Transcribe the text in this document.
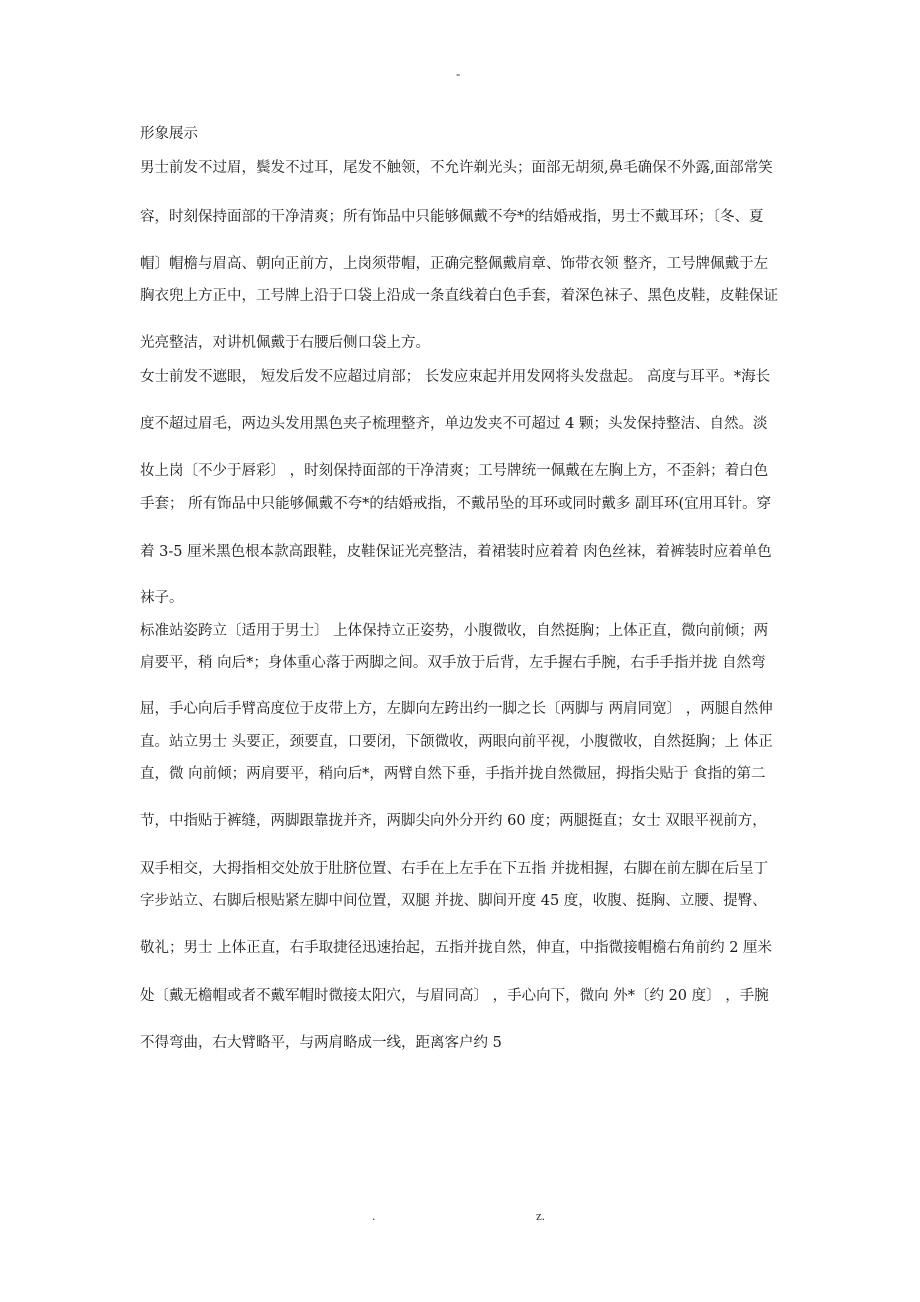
-
形象展示
男士前发不过眉，鬓发不过耳，尾发不触领，不允许剃光头；面部无胡须,鼻毛确保不外露,面部常笑
容，时刻保持面部的干净清爽；所有饰品中只能够佩戴不夸*的结婚戒指，男士不戴耳环；〔冬、夏
帽〕帽檐与眉高、朝向正前方，上岗须带帽，正确完整佩戴肩章、饰带衣领 整齐，工号牌佩戴于左
胸衣兜上方正中，工号牌上沿于口袋上沿成一条直线着白色手套，着深色袜子、黑色皮鞋，皮鞋保证
光亮整洁，对讲机佩戴于右腰后侧口袋上方。
女士前发不遮眼， 短发后发不应超过肩部； 长发应束起并用发网将头发盘起。 高度与耳平。*海长
度不超过眉毛，两边头发用黑色夹子梳理整齐，单边发夹不可超过 4 颗；头发保持整洁、自然。淡
妆上岗〔不少于唇彩〕 ，时刻保持面部的干净清爽；工号牌统一佩戴在左胸上方，不歪斜；着白色
手套； 所有饰品中只能够佩戴不夸*的结婚戒指，不戴吊坠的耳环或同时戴多 副耳环(宜用耳针。穿
着 3-5 厘米黑色根本款高跟鞋，皮鞋保证光亮整洁，着裙装时应着着 肉色丝袜，着裤装时应着单色
袜子。
标准站姿跨立〔适用于男士〕 上体保持立正姿势，小腹微收，自然挺胸；上体正直，微向前倾；两
肩要平，稍 向后*；身体重心落于两脚之间。双手放于后背，左手握右手腕，右手手指并拢 自然弯
屈，手心向后手臂高度位于皮带上方，左脚向左跨出约一脚之长〔两脚与 两肩同宽〕 ，两腿自然伸
直。站立男士 头要正，颈要直，口要闭，下颌微收，两眼向前平视，小腹微收，自然挺胸；上 体正
直，微 向前倾；两肩要平，稍向后*，两臂自然下垂，手指并拢自然微屈，拇指尖贴于 食指的第二
节，中指贴于裤缝，两脚跟靠拢并齐，两脚尖向外分开约 60 度；两腿挺直；女士 双眼平视前方，
双手相交，大拇指相交处放于肚脐位置、右手在上左手在下五指 并拢相握，右脚在前左脚在后呈丁
字步站立、右脚后根贴紧左脚中间位置，双腿 并拢、脚间开度 45 度，收腹、挺胸、立腰、提臀、
敬礼；男士 上体正直，右手取捷径迅速抬起，五指并拢自然，伸直，中指微接帽檐右角前约 2 厘米
处〔戴无檐帽或者不戴军帽时微接太阳穴，与眉同高〕 ，手心向下，微向 外*〔约 20 度〕 ，手腕
不得弯曲，右大臂略平，与两肩略成一线，距离客户约 5
.	z.
